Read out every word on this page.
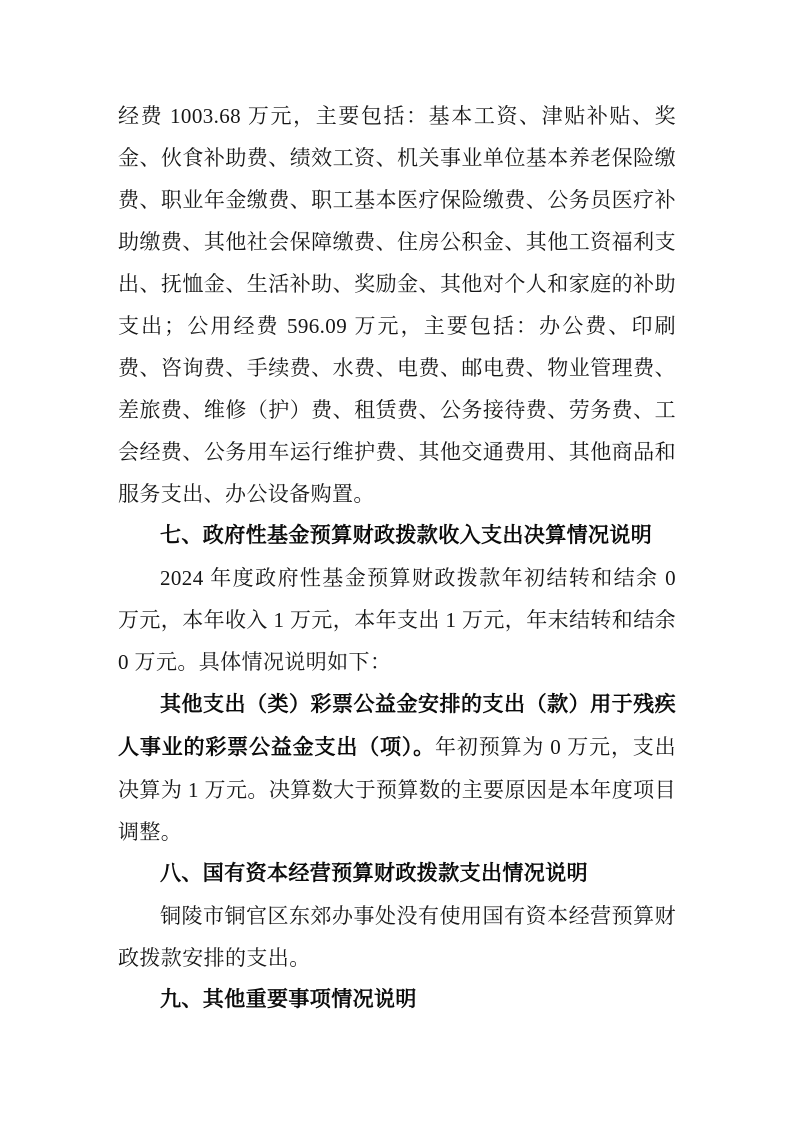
经费 1003.68 万元，主要包括：基本工资、津贴补贴、奖金、伙食补助费、绩效工资、机关事业单位基本养老保险缴费、职业年金缴费、职工基本医疗保险缴费、公务员医疗补助缴费、其他社会保障缴费、住房公积金、其他工资福利支出、抚恤金、生活补助、奖励金、其他对个人和家庭的补助支出；公用经费 596.09 万元，主要包括：办公费、印刷费、咨询费、手续费、水费、电费、邮电费、物业管理费、差旅费、维修（护）费、租赁费、公务接待费、劳务费、工会经费、公务用车运行维护费、其他交通费用、其他商品和服务支出、办公设备购置。

七、政府性基金预算财政拨款收入支出决算情况说明

2024 年度政府性基金预算财政拨款年初结转和结余 0 万元，本年收入 1 万元，本年支出 1 万元，年末结转和结余 0 万元。具体情况说明如下：

其他支出（类）彩票公益金安排的支出（款）用于残疾人事业的彩票公益金支出（项）。年初预算为 0 万元，支出决算为 1 万元。决算数大于预算数的主要原因是本年度项目调整。

八、国有资本经营预算财政拨款支出情况说明

铜陵市铜官区东郊办事处没有使用国有资本经营预算财政拨款安排的支出。

九、其他重要事项情况说明
